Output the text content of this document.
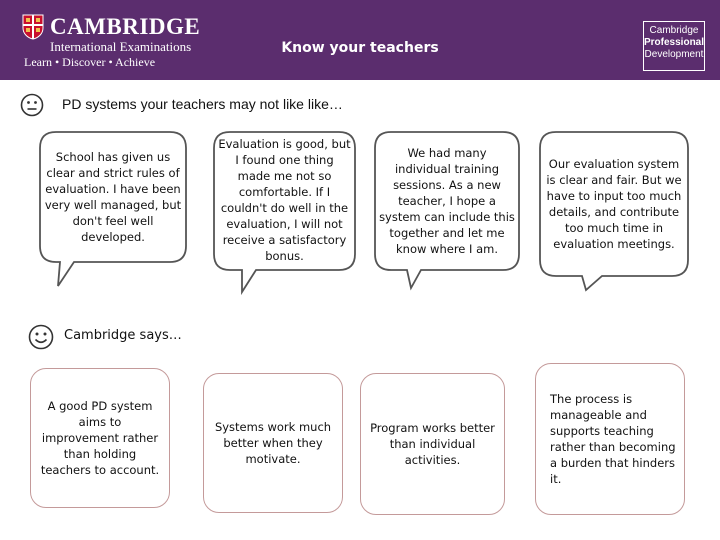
CAMBRIDGE
International Examinations
Learn • Discover • Achieve
Know your teachers
Cambridge
Professional
Development
PD systems your teachers may not like like…
School has given us clear and strict rules of evaluation. I have been very well managed, but don't feel well developed.
Evaluation is good, but I found one thing made me not so comfortable. If I couldn't do well in the evaluation, I will not receive a satisfactory bonus.
We had many individual training sessions. As a new teacher, I hope a system can include this together and let me know where I am.
Our evaluation system is clear and fair. But we have to input too much details, and contribute too much time in evaluation meetings.
Cambridge says…
A good PD system aims to improvement rather than holding teachers to account.
Systems work much better when they motivate.
Program works better than individual activities.
The process is manageable and supports teaching rather than becoming a burden that hinders it.
